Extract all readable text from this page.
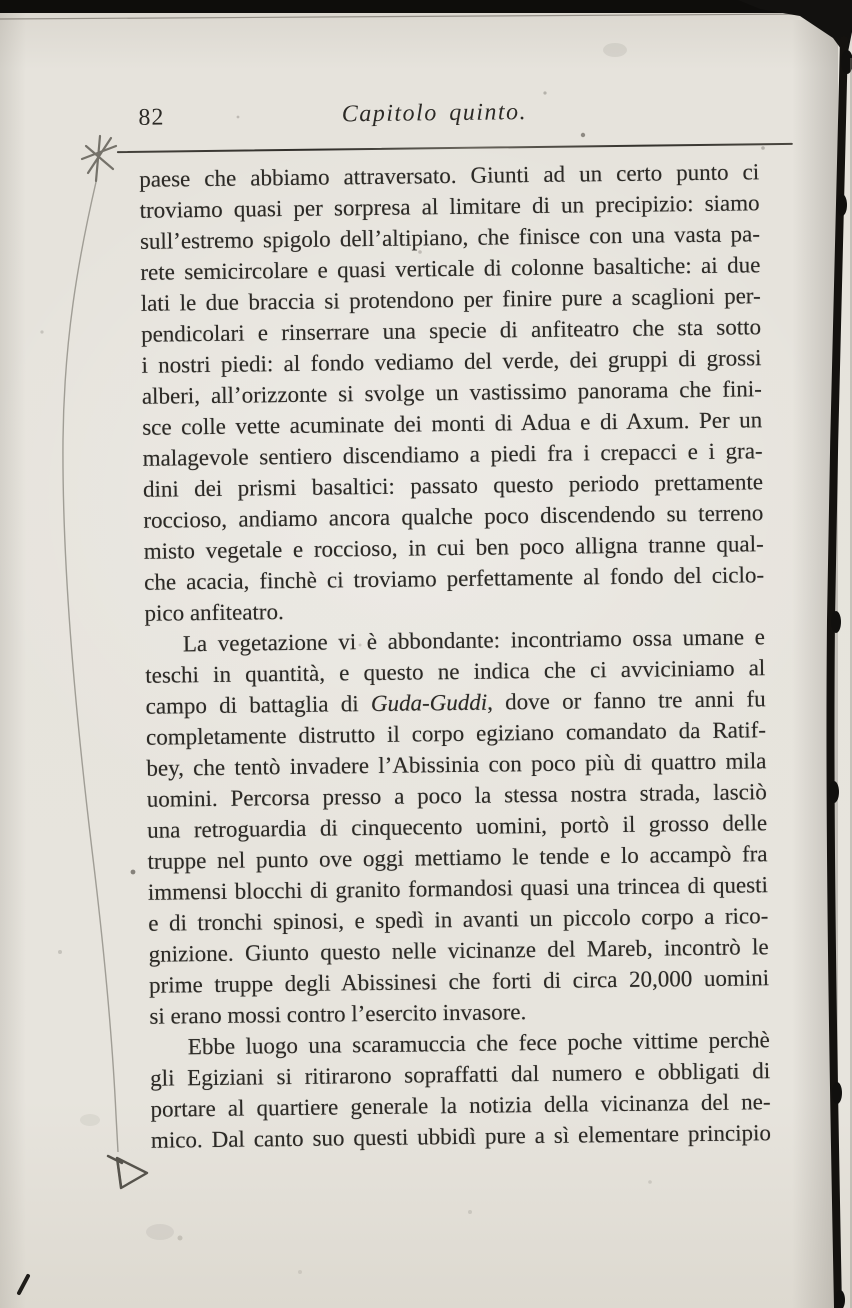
82	Capitolo quinto.
paese che abbiamo attraversato. Giunti ad un certo punto ci
troviamo quasi per sorpresa al limitare di un precipizio: siamo
sull’estremo spigolo dell’altipiano, che finisce con una vasta pa-
rete semicircolare e quasi verticale di colonne basaltiche: ai due
lati le due braccia si protendono per finire pure a scaglioni per-
pendicolari e rinserrare una specie di anfiteatro che sta sotto
i nostri piedi: al fondo vediamo del verde, dei gruppi di grossi
alberi, all’orizzonte si svolge un vastissimo panorama che fini-
sce colle vette acuminate dei monti di Adua e di Axum. Per un
malagevole sentiero discendiamo a piedi fra i crepacci e i gra-
dini dei prismi basaltici: passato questo periodo prettamente
roccioso, andiamo ancora qualche poco discendendo su terreno
misto vegetale e roccioso, in cui ben poco alligna tranne qual-
che acacia, finchè ci troviamo perfettamente al fondo del ciclo-
pico anfiteatro.
La vegetazione vi è abbondante: incontriamo ossa umane e
teschi in quantità, e questo ne indica che ci avviciniamo al
campo di battaglia di Guda-Guddi, dove or fanno tre anni fu
completamente distrutto il corpo egiziano comandato da Ratif-
bey, che tentò invadere l’Abissinia con poco più di quattro mila
uomini. Percorsa presso a poco la stessa nostra strada, lasciò
una retroguardia di cinquecento uomini, portò il grosso delle
truppe nel punto ove oggi mettiamo le tende e lo accampò fra
immensi blocchi di granito formandosi quasi una trincea di questi
e di tronchi spinosi, e spedì in avanti un piccolo corpo a rico-
gnizione. Giunto questo nelle vicinanze del Mareb, incontrò le
prime truppe degli Abissinesi che forti di circa 20,000 uomini
si erano mossi contro l’esercito invasore.
Ebbe luogo una scaramuccia che fece poche vittime perchè
gli Egiziani si ritirarono sopraffatti dal numero e obbligati di
portare al quartiere generale la notizia della vicinanza del ne-
mico. Dal canto suo questi ubbidì pure a sì elementare principio
